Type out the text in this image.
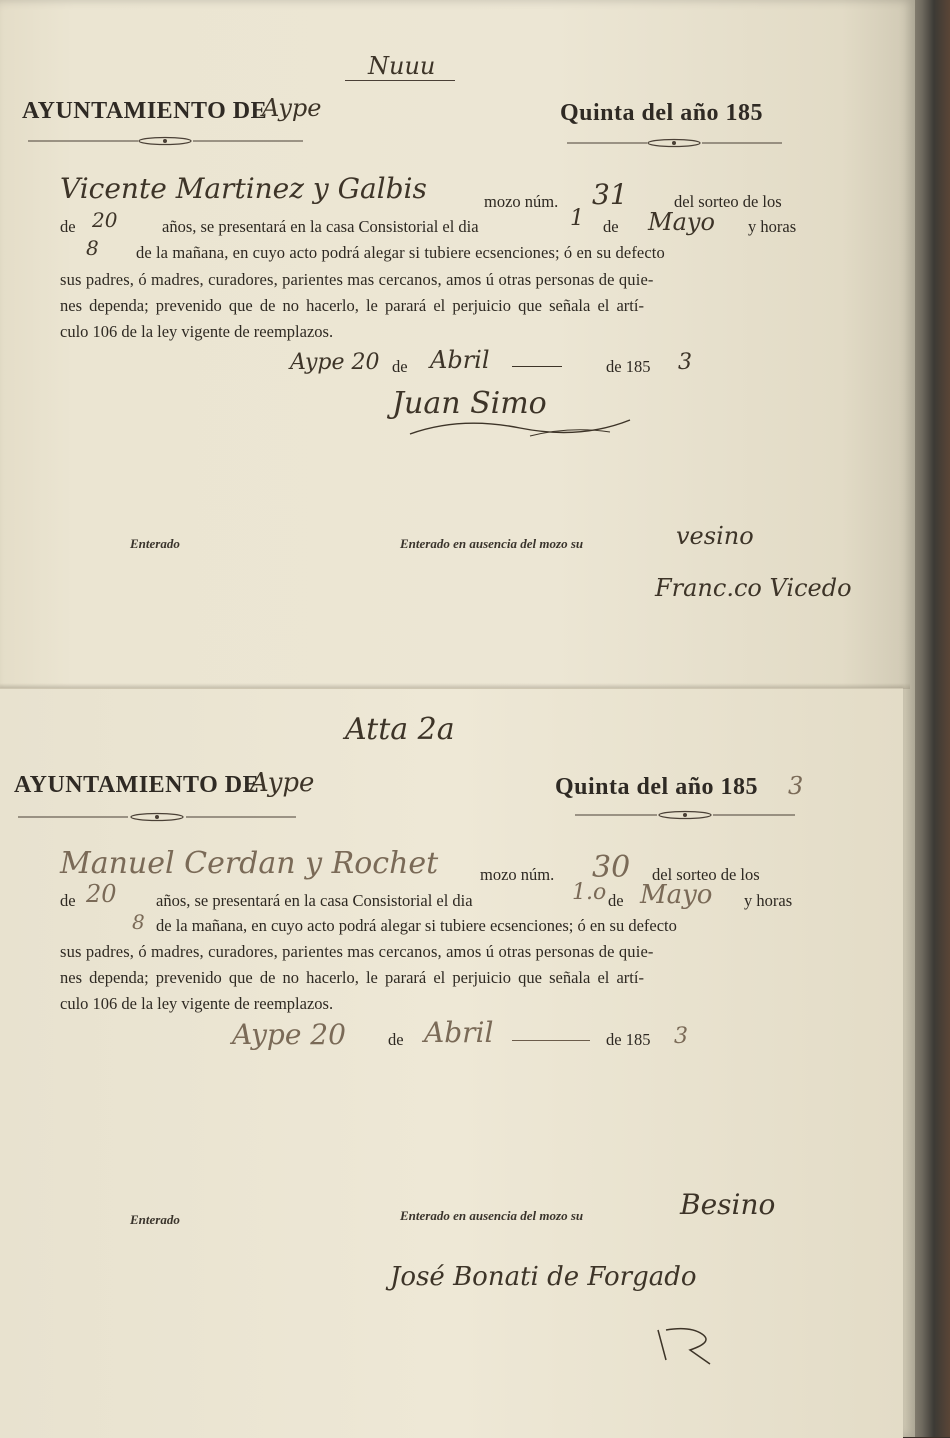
Nuuu
AYUNTAMIENTO DE
Aype	Quinta del año 185
Vicente Martinez y Galbis	mozo núm. 31	del sorteo de los
de 20	años, se presentará en la casa Consistorial el dia	1 de Mayo y horas
8 de la mañana, en cuyo acto podrá alegar si tubiere ecsenciones; ó en su defecto
sus padres, ó madres, curadores, parientes mas cercanos, amos ú otras personas de quie-
nes dependa; prevenido que de no hacerlo, le parará el perjuicio que señala el artí-
culo 106 de la ley vigente de reemplazos.
Aype 20 de Abril	de 185 3
Juan Simo
Enterado	Enterado en ausencia del mozo su	vesino
Franc.co Vicedo
Atta 2a
AYUNTAMIENTO DE
Aype	Quinta del año 185 3
Manuel Cerdan y Rochet	mozo núm. 30 del sorteo de los
de 20 años, se presentará en la casa Consistorial el dia	1.o de Mayo y horas
8 de la mañana, en cuyo acto podrá alegar si tubiere ecsenciones; ó en su defecto
sus padres, ó madres, curadores, parientes mas cercanos, amos ú otras personas de quie-
nes dependa; prevenido que de no hacerlo, le parará el perjuicio que señala el artí-
culo 106 de la ley vigente de reemplazos.
Aype 20	de Abril	de 185 3
Enterado	Enterado en ausencia del mozo su	Besino
José Bonati de Forgado
